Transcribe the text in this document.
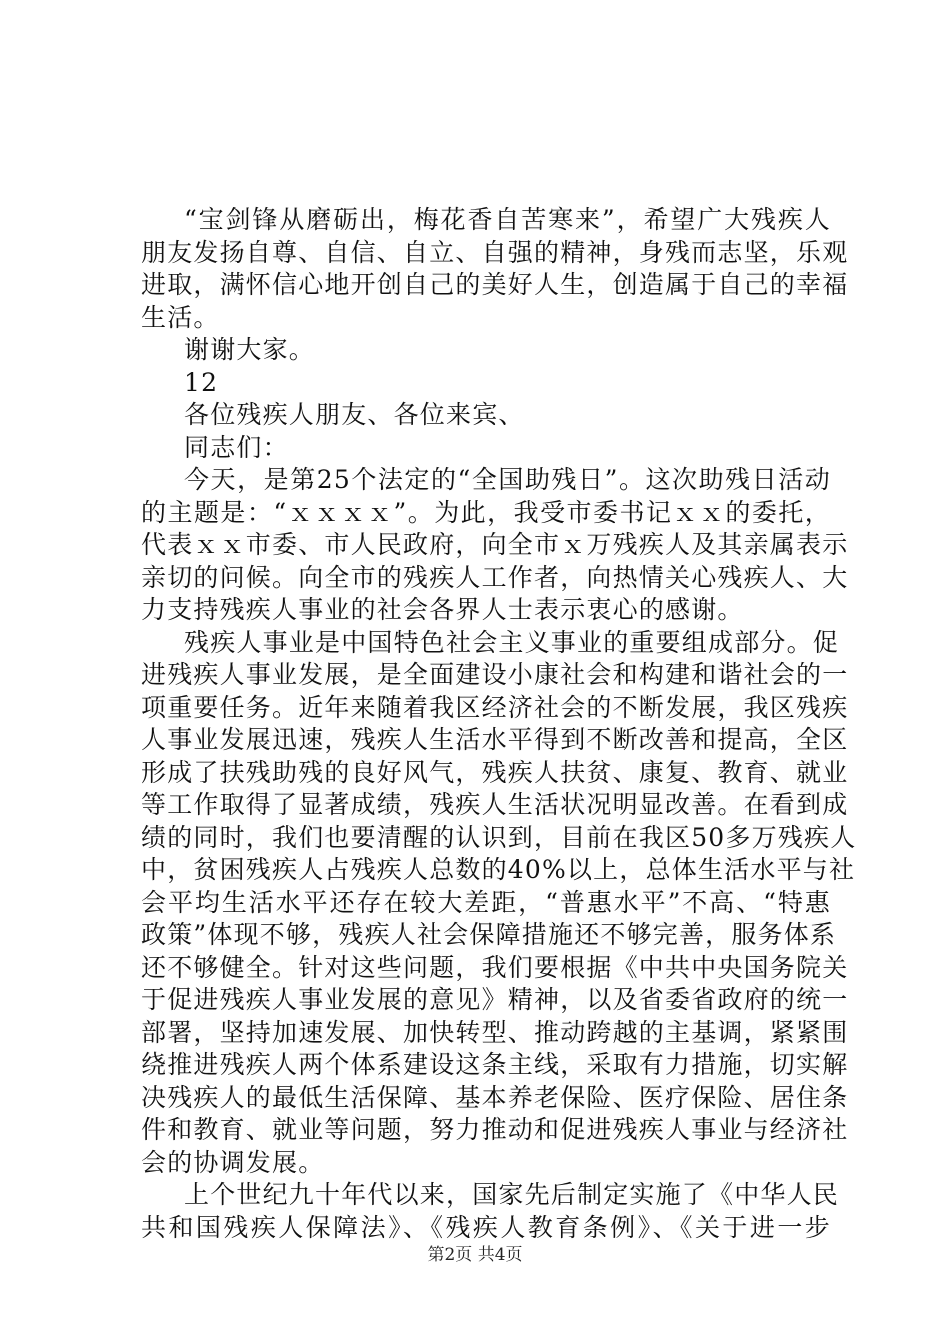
“宝剑锋从磨砺出，梅花香自苦寒来”，希望广大残疾人
朋友发扬自尊、自信、自立、自强的精神，身残而志坚，乐观
进取，满怀信心地开创自己的美好人生，创造属于自己的幸福
生活。
谢谢大家。
12
各位残疾人朋友、各位来宾、
同志们：
今天，是第25个法定的“全国助残日”。这次助残日活动
的主题是：“ｘｘｘｘ”。为此，我受市委书记ｘｘ的委托，
代表ｘｘ市委、市人民政府，向全市ｘ万残疾人及其亲属表示
亲切的问候。向全市的残疾人工作者，向热情关心残疾人、大
力支持残疾人事业的社会各界人士表示衷心的感谢。
残疾人事业是中国特色社会主义事业的重要组成部分。促
进残疾人事业发展，是全面建设小康社会和构建和谐社会的一
项重要任务。近年来随着我区经济社会的不断发展，我区残疾
人事业发展迅速，残疾人生活水平得到不断改善和提高，全区
形成了扶残助残的良好风气，残疾人扶贫、康复、教育、就业
等工作取得了显著成绩，残疾人生活状况明显改善。在看到成
绩的同时，我们也要清醒的认识到，目前在我区50多万残疾人
中，贫困残疾人占残疾人总数的40%以上，总体生活水平与社
会平均生活水平还存在较大差距，“普惠水平”不高、“特惠
政策”体现不够，残疾人社会保障措施还不够完善，服务体系
还不够健全。针对这些问题，我们要根据《中共中央国务院关
于促进残疾人事业发展的意见》精神，以及省委省政府的统一
部署，坚持加速发展、加快转型、推动跨越的主基调，紧紧围
绕推进残疾人两个体系建设这条主线，采取有力措施，切实解
决残疾人的最低生活保障、基本养老保险、医疗保险、居住条
件和教育、就业等问题，努力推动和促进残疾人事业与经济社
会的协调发展。
上个世纪九十年代以来，国家先后制定实施了《中华人民
共和国残疾人保障法》、《残疾人教育条例》、《关于进一步
第2页 共4页
